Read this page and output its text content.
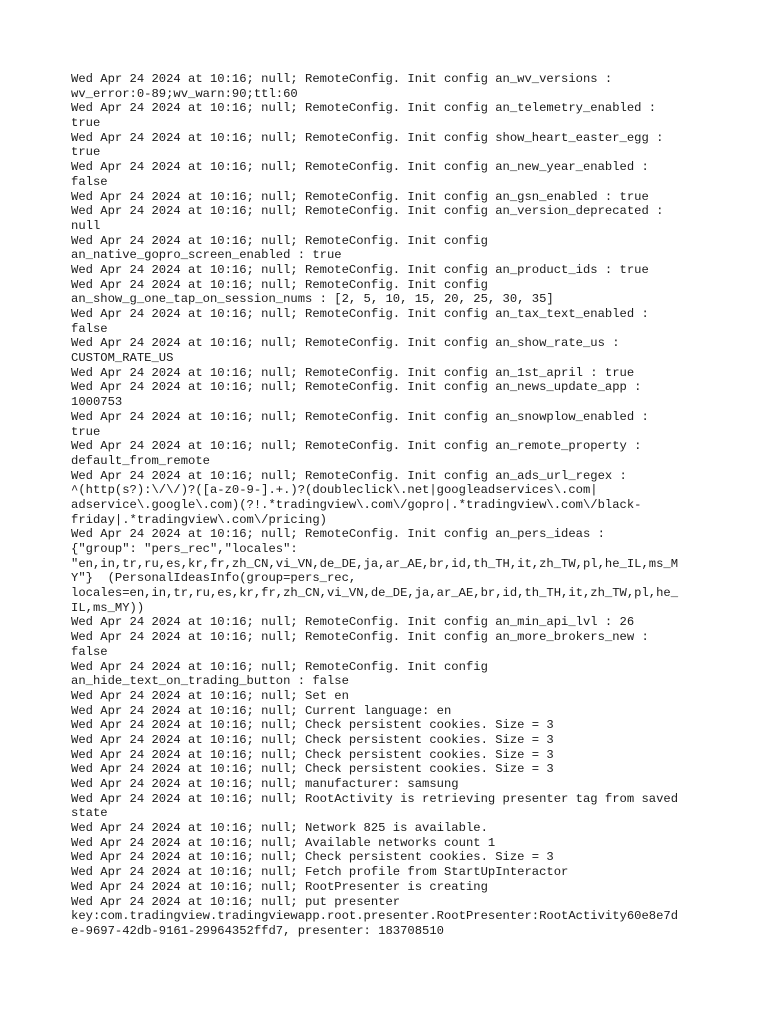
Wed Apr 24 2024 at 10:16; null; RemoteConfig. Init config an_wv_versions :
wv_error:0-89;wv_warn:90;ttl:60
Wed Apr 24 2024 at 10:16; null; RemoteConfig. Init config an_telemetry_enabled :
true
Wed Apr 24 2024 at 10:16; null; RemoteConfig. Init config show_heart_easter_egg :
true
Wed Apr 24 2024 at 10:16; null; RemoteConfig. Init config an_new_year_enabled :
false
Wed Apr 24 2024 at 10:16; null; RemoteConfig. Init config an_gsn_enabled : true
Wed Apr 24 2024 at 10:16; null; RemoteConfig. Init config an_version_deprecated :
null
Wed Apr 24 2024 at 10:16; null; RemoteConfig. Init config
an_native_gopro_screen_enabled : true
Wed Apr 24 2024 at 10:16; null; RemoteConfig. Init config an_product_ids : true
Wed Apr 24 2024 at 10:16; null; RemoteConfig. Init config
an_show_g_one_tap_on_session_nums : [2, 5, 10, 15, 20, 25, 30, 35]
Wed Apr 24 2024 at 10:16; null; RemoteConfig. Init config an_tax_text_enabled :
false
Wed Apr 24 2024 at 10:16; null; RemoteConfig. Init config an_show_rate_us :
CUSTOM_RATE_US
Wed Apr 24 2024 at 10:16; null; RemoteConfig. Init config an_1st_april : true
Wed Apr 24 2024 at 10:16; null; RemoteConfig. Init config an_news_update_app :
1000753
Wed Apr 24 2024 at 10:16; null; RemoteConfig. Init config an_snowplow_enabled :
true
Wed Apr 24 2024 at 10:16; null; RemoteConfig. Init config an_remote_property :
default_from_remote
Wed Apr 24 2024 at 10:16; null; RemoteConfig. Init config an_ads_url_regex :
^(http(s?):\/\/)?([a-z0-9-].+.)?(doubleclick\.net|googleadservices\.com|
adservice\.google\.com)(?!.*tradingview\.com\/gopro|.*tradingview\.com\/black-
friday|.*tradingview\.com\/pricing)
Wed Apr 24 2024 at 10:16; null; RemoteConfig. Init config an_pers_ideas :
{"group": "pers_rec","locales":
"en,in,tr,ru,es,kr,fr,zh_CN,vi_VN,de_DE,ja,ar_AE,br,id,th_TH,it,zh_TW,pl,he_IL,ms_M
Y"}  (PersonalIdeasInfo(group=pers_rec,
locales=en,in,tr,ru,es,kr,fr,zh_CN,vi_VN,de_DE,ja,ar_AE,br,id,th_TH,it,zh_TW,pl,he_
IL,ms_MY))
Wed Apr 24 2024 at 10:16; null; RemoteConfig. Init config an_min_api_lvl : 26
Wed Apr 24 2024 at 10:16; null; RemoteConfig. Init config an_more_brokers_new :
false
Wed Apr 24 2024 at 10:16; null; RemoteConfig. Init config
an_hide_text_on_trading_button : false
Wed Apr 24 2024 at 10:16; null; Set en
Wed Apr 24 2024 at 10:16; null; Current language: en
Wed Apr 24 2024 at 10:16; null; Check persistent cookies. Size = 3
Wed Apr 24 2024 at 10:16; null; Check persistent cookies. Size = 3
Wed Apr 24 2024 at 10:16; null; Check persistent cookies. Size = 3
Wed Apr 24 2024 at 10:16; null; Check persistent cookies. Size = 3
Wed Apr 24 2024 at 10:16; null; manufacturer: samsung
Wed Apr 24 2024 at 10:16; null; RootActivity is retrieving presenter tag from saved
state
Wed Apr 24 2024 at 10:16; null; Network 825 is available.
Wed Apr 24 2024 at 10:16; null; Available networks count 1
Wed Apr 24 2024 at 10:16; null; Check persistent cookies. Size = 3
Wed Apr 24 2024 at 10:16; null; Fetch profile from StartUpInteractor
Wed Apr 24 2024 at 10:16; null; RootPresenter is creating
Wed Apr 24 2024 at 10:16; null; put presenter
key:com.tradingview.tradingviewapp.root.presenter.RootPresenter:RootActivity60e8e7d
e-9697-42db-9161-29964352ffd7, presenter: 183708510
